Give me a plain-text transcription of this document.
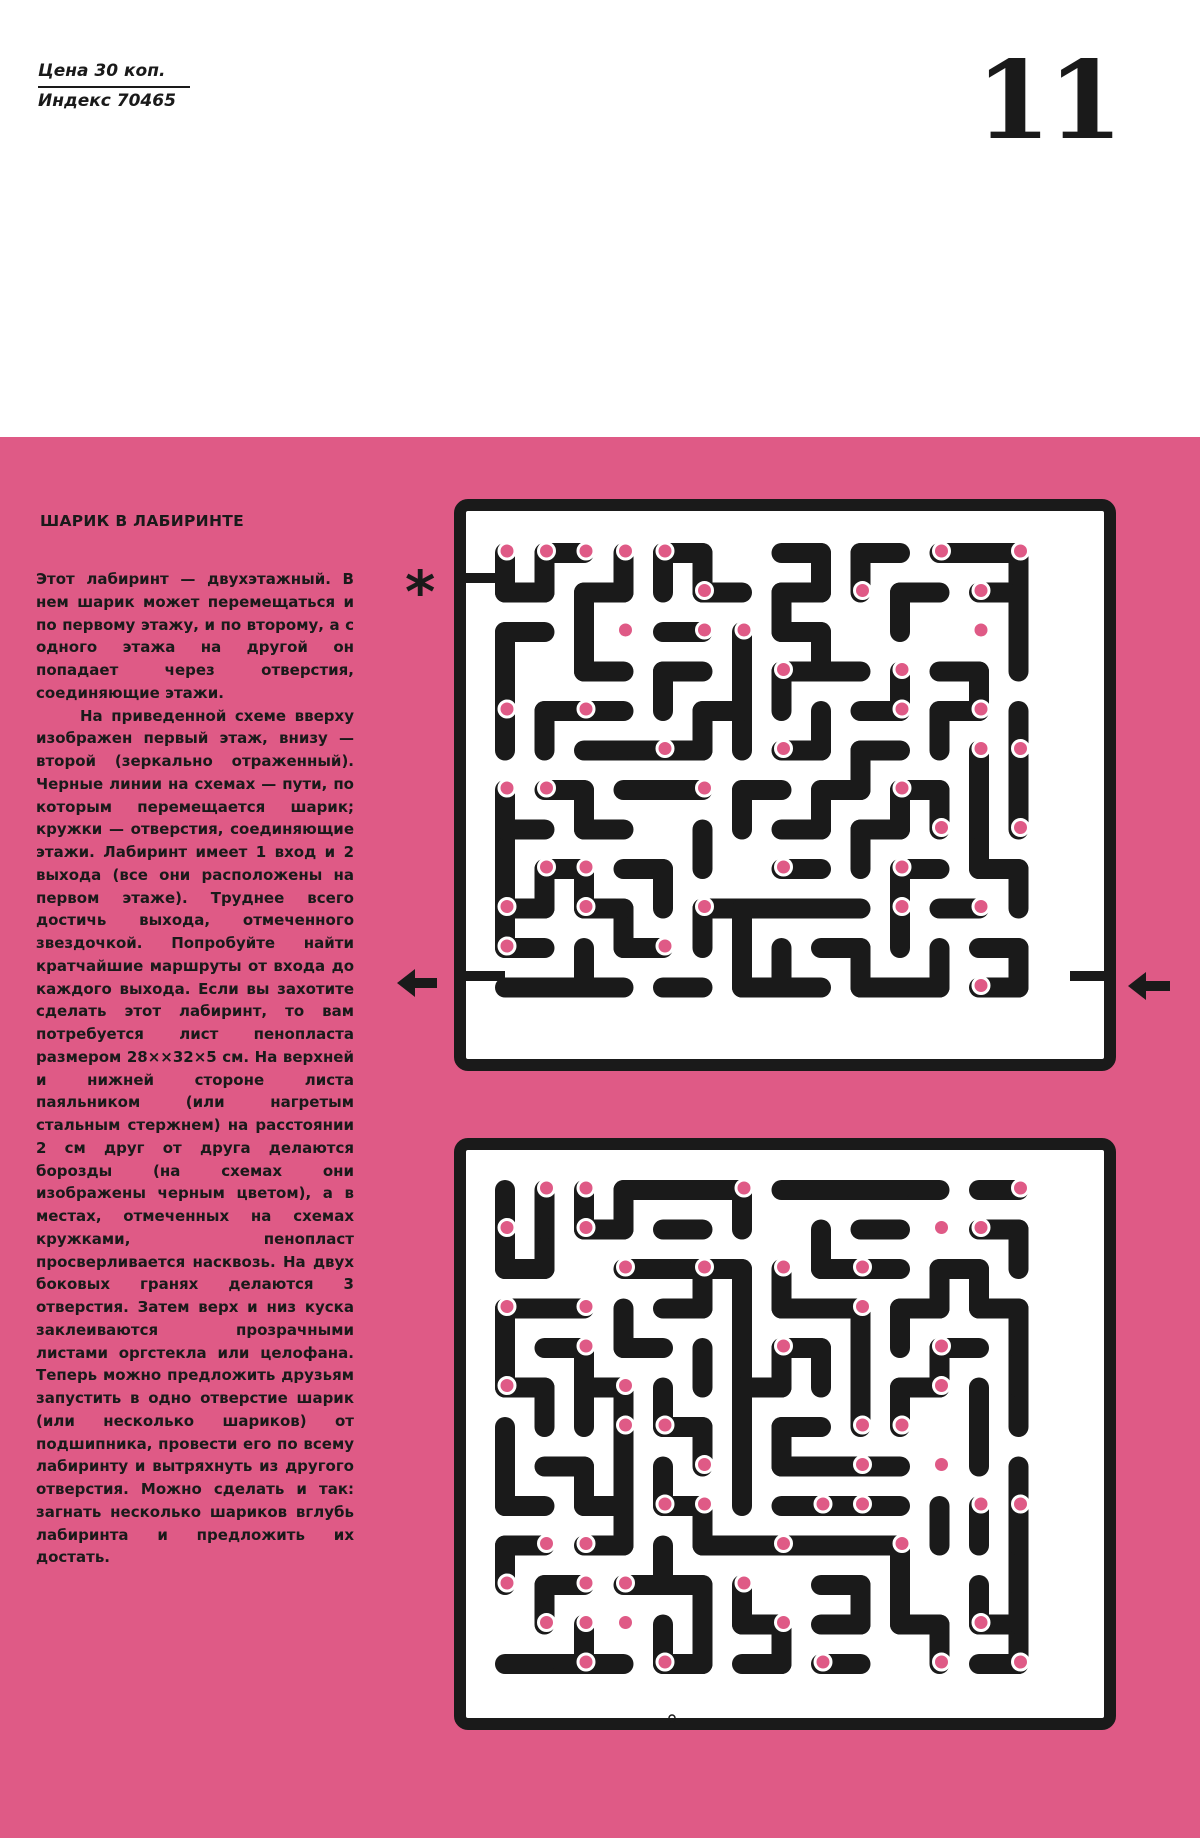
Цена 30 коп.
Индекс 70465	11
ШАРИК В ЛАБИРИНТЕ

Этот лабиринт — двухэтажный. В нем шарик может перемещаться и по первому этажу, и по второму, а с одного этажа на другой он попадает через отверстия, соединяющие этажи.

На приведенной схеме вверху изображен первый этаж, внизу — второй (зеркально отраженный). Черные линии на схемах — пути, по которым перемещается шарик; кружки — отверстия, соединяющие этажи. Лабиринт имеет 1 вход и 2 выхода (все они расположены на первом этаже). Труднее всего достичь выхода, отмеченного звездочкой. Попробуйте найти кратчайшие маршруты от входа до каждого выхода. Если вы захотите сделать этот лабиринт, то вам потребуется лист пенопласта размером 28××32×5 см. На верхней и нижней стороне листа паяльником (или нагретым стальным стержнем) на расстоянии 2 см друг от друга делаются борозды (на схемах они изображены черным цветом), а в местах, отмеченных на схемах кружками, пенопласт просверливается насквозь. На двух боковых гранях делаются 3 отверстия. Затем верх и низ куска заклеиваются прозрачными листами оргстекла или целофана. Теперь можно предложить друзьям запустить в одно отверстие шарик (или несколько шариков) от подшипника, провести его по всему лабиринту и вытряхнуть из другого отверстия. Можно сделать и так: загнать несколько шариков вглубь лабиринта и предложить их достать.

*
